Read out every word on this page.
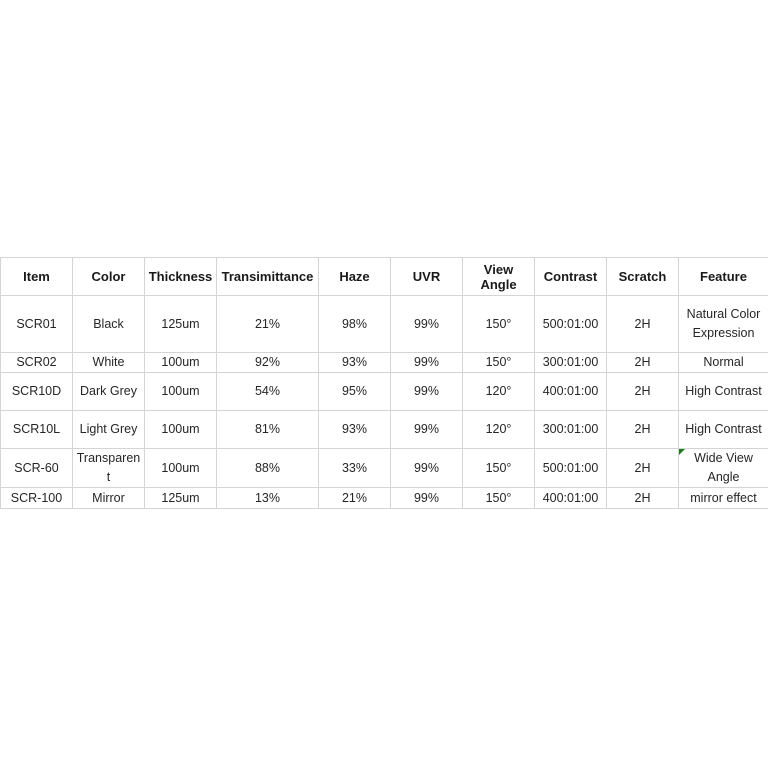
Item	Color	Thickness	Transimittance	Haze	UVR	View Angle	Contrast	Scratch	Feature
SCR01	Black	125um	21%	98%	99%	150°	500:01:00	2H	Natural Color Expression
SCR02	White	100um	92%	93%	99%	150°	300:01:00	2H	Normal
SCR10D	Dark Grey	100um	54%	95%	99%	120°	400:01:00	2H	High Contrast
SCR10L	Light Grey	100um	81%	93%	99%	120°	300:01:00	2H	High Contrast
SCR-60	Transparent	100um	88%	33%	99%	150°	500:01:00	2H	Wide View Angle
SCR-100	Mirror	125um	13%	21%	99%	150°	400:01:00	2H	mirror effect
